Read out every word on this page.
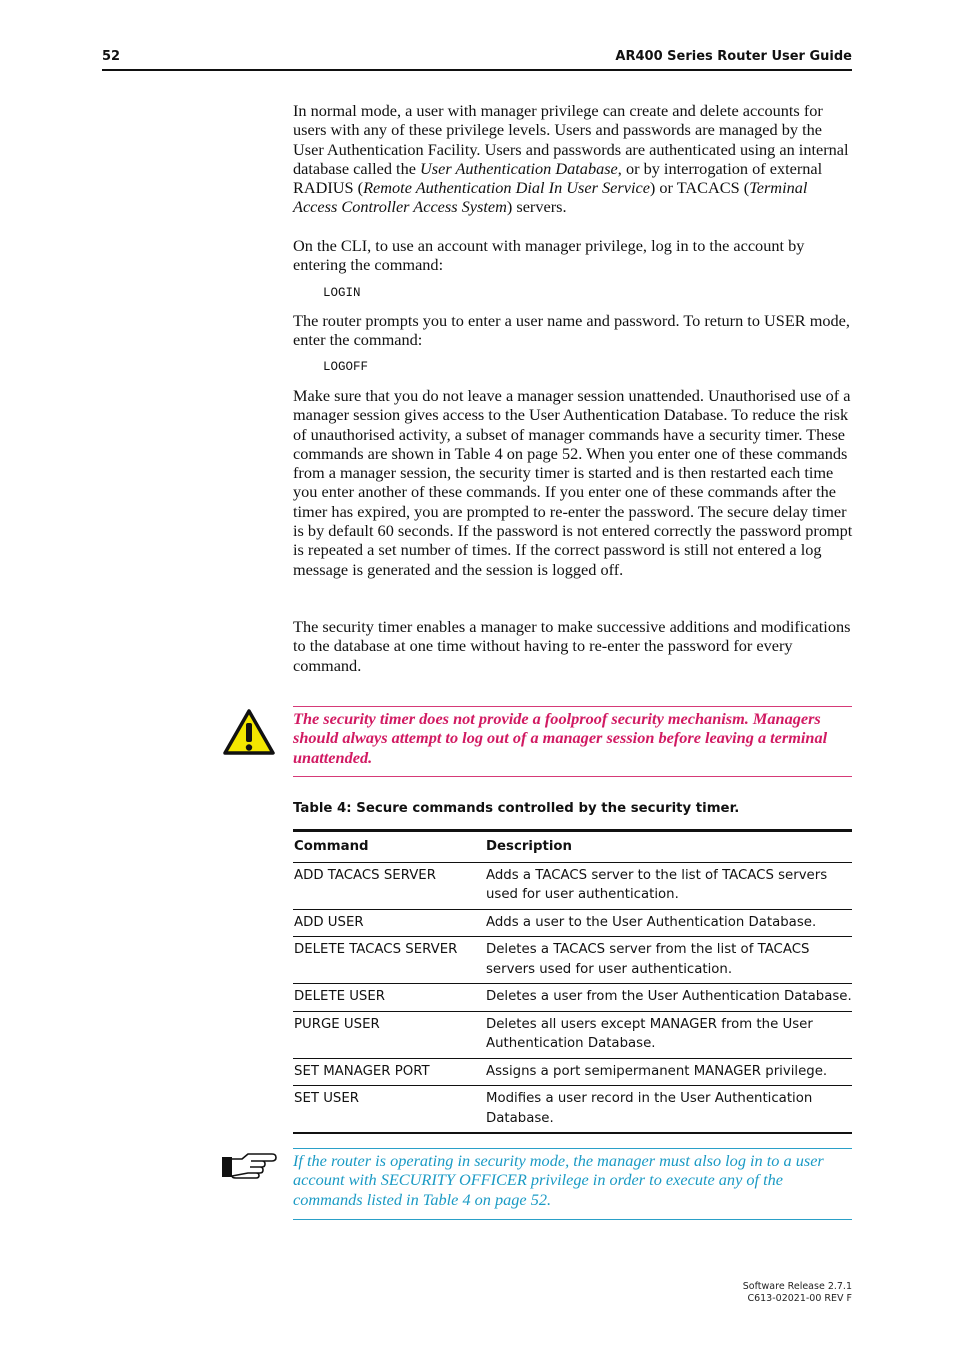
52	AR400 Series Router User Guide

In normal mode, a user with manager privilege can create and delete accounts for users with any of these privilege levels. Users and passwords are managed by the User Authentication Facility. Users and passwords are authenticated using an internal database called the User Authentication Database, or by interrogation of external RADIUS (Remote Authentication Dial In User Service) or TACACS (Terminal Access Controller Access System) servers.

On the CLI, to use an account with manager privilege, log in to the account by entering the command:

LOGIN

The router prompts you to enter a user name and password. To return to USER mode, enter the command:

LOGOFF

Make sure that you do not leave a manager session unattended. Unauthorised use of a manager session gives access to the User Authentication Database. To reduce the risk of unauthorised activity, a subset of manager commands have a security timer. These commands are shown in Table 4 on page 52. When you enter one of these commands from a manager session, the security timer is started and is then restarted each time you enter another of these commands. If you enter one of these commands after the timer has expired, you are prompted to re-enter the password. The secure delay timer is by default 60 seconds. If the password is not entered correctly the password prompt is repeated a set number of times. If the correct password is still not entered a log message is generated and the session is logged off.

The security timer enables a manager to make successive additions and modifications to the database at one time without having to re-enter the password for every command.

The security timer does not provide a foolproof security mechanism. Managers should always attempt to log out of a manager session before leaving a terminal unattended.
Table 4: Secure commands controlled by the security timer.
Command	Description
ADD TACACS SERVER	Adds a TACACS server to the list of TACACS servers used for user authentication.
ADD USER	Adds a user to the User Authentication Database.
DELETE TACACS SERVER	Deletes a TACACS server from the list of TACACS servers used for user authentication.
DELETE USER	Deletes a user from the User Authentication Database.
PURGE USER	Deletes all users except MANAGER from the User Authentication Database.
SET MANAGER PORT	Assigns a port semipermanent MANAGER privilege.
SET USER	Modifies a user record in the User Authentication Database.
If the router is operating in security mode, the manager must also log in to a user account with SECURITY OFFICER privilege in order to execute any of the commands listed in Table 4 on page 52.
Software Release 2.7.1
C613-02021-00 REV F
